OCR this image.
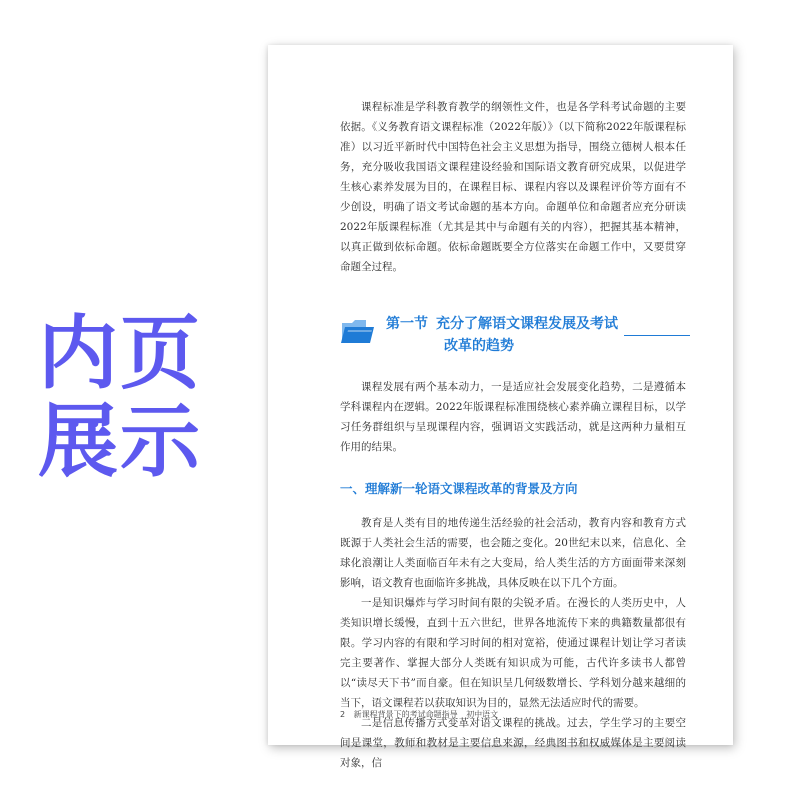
内页
展示

课程标准是学科教育教学的纲领性文件，也是各学科考试命题的主要依据。《义务教育语文课程标准（2022年版）》（以下简称2022年版课程标准）以习近平新时代中国特色社会主义思想为指导，围绕立德树人根本任务，充分吸收我国语文课程建设经验和国际语文教育研究成果，以促进学生核心素养发展为目的，在课程目标、课程内容以及课程评价等方面有不少创设，明确了语文考试命题的基本方向。命题单位和命题者应充分研读2022年版课程标准（尤其是其中与命题有关的内容），把握其基本精神，以真正做到依标命题。依标命题既要全方位落实在命题工作中，又要贯穿命题全过程。

第一节 充分了解语文课程发展及考试
改革的趋势

课程发展有两个基本动力，一是适应社会发展变化趋势，二是遵循本学科课程内在逻辑。2022年版课程标准围绕核心素养确立课程目标，以学习任务群组织与呈现课程内容，强调语文实践活动，就是这两种力量相互作用的结果。

一、理解新一轮语文课程改革的背景及方向

教育是人类有目的地传递生活经验的社会活动，教育内容和教育方式既源于人类社会生活的需要，也会随之变化。20世纪末以来，信息化、全球化浪潮让人类面临百年未有之大变局，给人类生活的方方面面带来深刻影响，语文教育也面临许多挑战，具体反映在以下几个方面。

一是知识爆炸与学习时间有限的尖锐矛盾。在漫长的人类历史中，人类知识增长缓慢，直到十五六世纪，世界各地流传下来的典籍数量都很有限。学习内容的有限和学习时间的相对宽裕，使通过课程计划让学习者读完主要著作、掌握大部分人类既有知识成为可能，古代许多读书人都曾以“读尽天下书”而自豪。但在知识呈几何级数增长、学科划分越来越细的当下，语文课程若以获取知识为目的，显然无法适应时代的需要。

二是信息传播方式变革对语文课程的挑战。过去，学生学习的主要空间是课堂，教师和教材是主要信息来源，经典图书和权威媒体是主要阅读对象，信

2 新课程背景下的考试命题指导 初中语文
